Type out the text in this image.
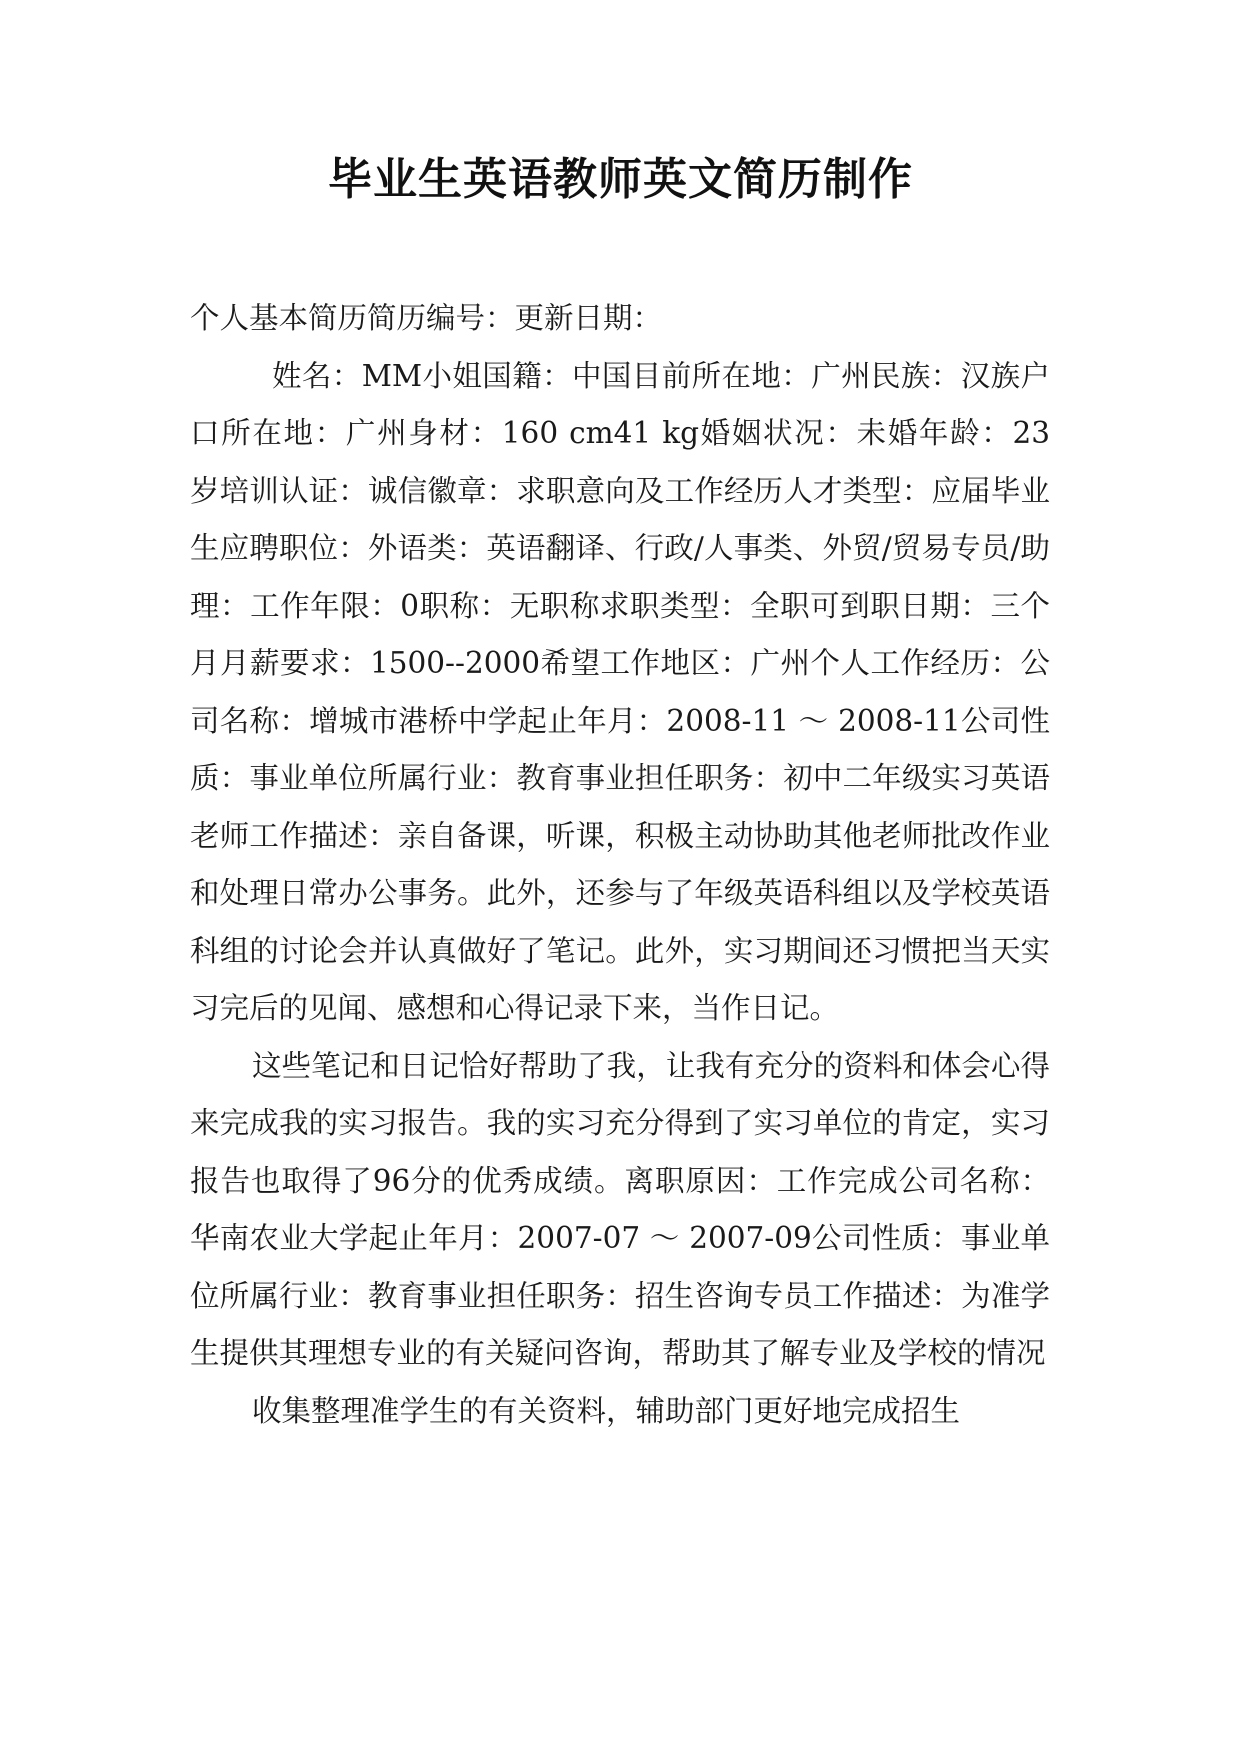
毕业生英语教师英文简历制作

个人基本简历简历编号：更新日期：

姓名：MM小姐国籍：中国目前所在地：广州民族：汉族户口所在地：广州身材：160 cm41 kg婚姻状况：未婚年龄：23 岁培训认证：诚信徽章：求职意向及工作经历人才类型：应届毕业生应聘职位：外语类：英语翻译、行政/人事类、外贸/贸易专员/助理：工作年限：0职称：无职称求职类型：全职可到职日期：三个月月薪要求：1500--2000希望工作地区：广州个人工作经历：公司名称：增城市港桥中学起止年月：2008-11 ～ 2008-11公司性质：事业单位所属行业：教育事业担任职务：初中二年级实习英语老师工作描述：亲自备课，听课，积极主动协助其他老师批改作业和处理日常办公事务。此外，还参与了年级英语科组以及学校英语科组的讨论会并认真做好了笔记。此外，实习期间还习惯把当天实习完后的见闻、感想和心得记录下来，当作日记。

这些笔记和日记恰好帮助了我，让我有充分的资料和体会心得来完成我的实习报告。我的实习充分得到了实习单位的肯定，实习报告也取得了96分的优秀成绩。离职原因：工作完成公司名称：华南农业大学起止年月：2007-07 ～ 2007-09公司性质：事业单位所属行业：教育事业担任职务：招生咨询专员工作描述：为准学生提供其理想专业的有关疑问咨询，帮助其了解专业及学校的情况

收集整理准学生的有关资料，辅助部门更好地完成招生
